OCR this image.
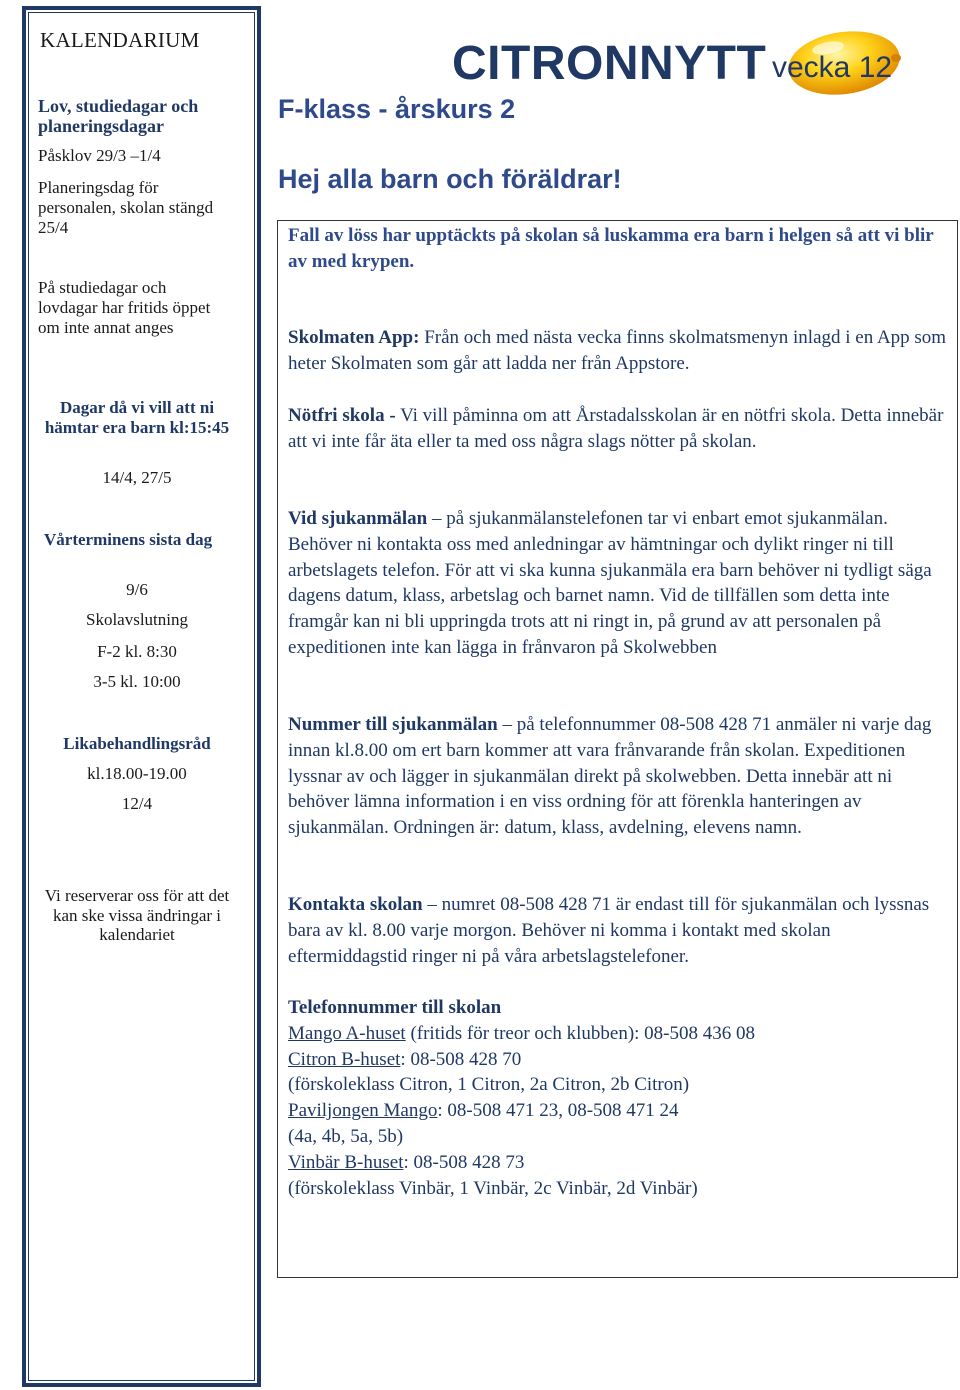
KALENDARIUM
Lov, studiedagar och planeringsdagar
Påsklov 29/3 –1/4
Planeringsdag för personalen, skolan stängd 25/4
På studiedagar och lovdagar har fritids öppet om inte annat anges
Dagar då vi vill att ni hämtar era barn kl:15:45
14/4, 27/5
Vårterminens sista dag
9/6
Skolavslutning
F-2 kl. 8:30
3-5 kl. 10:00
Likabehandlingsråd
kl.18.00-19.00
12/4
Vi reserverar oss för att det kan ske vissa ändringar i kalendariet
CITRONNYTT vecka 12
F-klass - årskurs 2
Hej alla barn och föräldrar!
Fall av löss har upptäckts på skolan så luskamma era barn i helgen så att vi blir av med krypen.
Skolmaten App: Från och med nästa vecka finns skolmatsmenyn inlagd i en App som heter Skolmaten som går att ladda ner från Appstore.
Nötfri skola - Vi vill påminna om att Årstadalsskolan är en nötfri skola. Detta innebär att vi inte får äta eller ta med oss några slags nötter på skolan.
Vid sjukanmälan – på sjukanmälanstelefonen tar vi enbart emot sjukanmälan. Behöver ni kontakta oss med anledningar av hämtningar och dylikt ringer ni till arbetslagets telefon. För att vi ska kunna sjukanmäla era barn behöver ni tydligt säga dagens datum, klass, arbetslag och barnet namn. Vid de tillfällen som detta inte framgår kan ni bli uppringda trots att ni ringt in, på grund av att personalen på expeditionen inte kan lägga in frånvaron på Skolwebben
Nummer till sjukanmälan – på telefonnummer 08-508 428 71 anmäler ni varje dag innan kl.8.00 om ert barn kommer att vara frånvarande från skolan. Expeditionen lyssnar av och lägger in sjukanmälan direkt på skolwebben. Detta innebär att ni behöver lämna information i en viss ordning för att förenkla hanteringen av sjukanmälan. Ordningen är: datum, klass, avdelning, elevens namn.
Kontakta skolan – numret 08-508 428 71 är endast till för sjukanmälan och lyssnas bara av kl. 8.00 varje morgon. Behöver ni komma i kontakt med skolan eftermiddagstid ringer ni på våra arbetslagstelefoner.
Telefonnummer till skolan
Mango A-huset (fritids för treor och klubben): 08-508 436 08
Citron B-huset: 08-508 428 70
(förskoleklass Citron, 1 Citron, 2a Citron, 2b Citron)
Paviljongen Mango: 08-508 471 23, 08-508 471 24
(4a, 4b, 5a, 5b)
Vinbär B-huset: 08-508 428 73
(förskoleklass Vinbär, 1 Vinbär, 2c Vinbär, 2d Vinbär)
